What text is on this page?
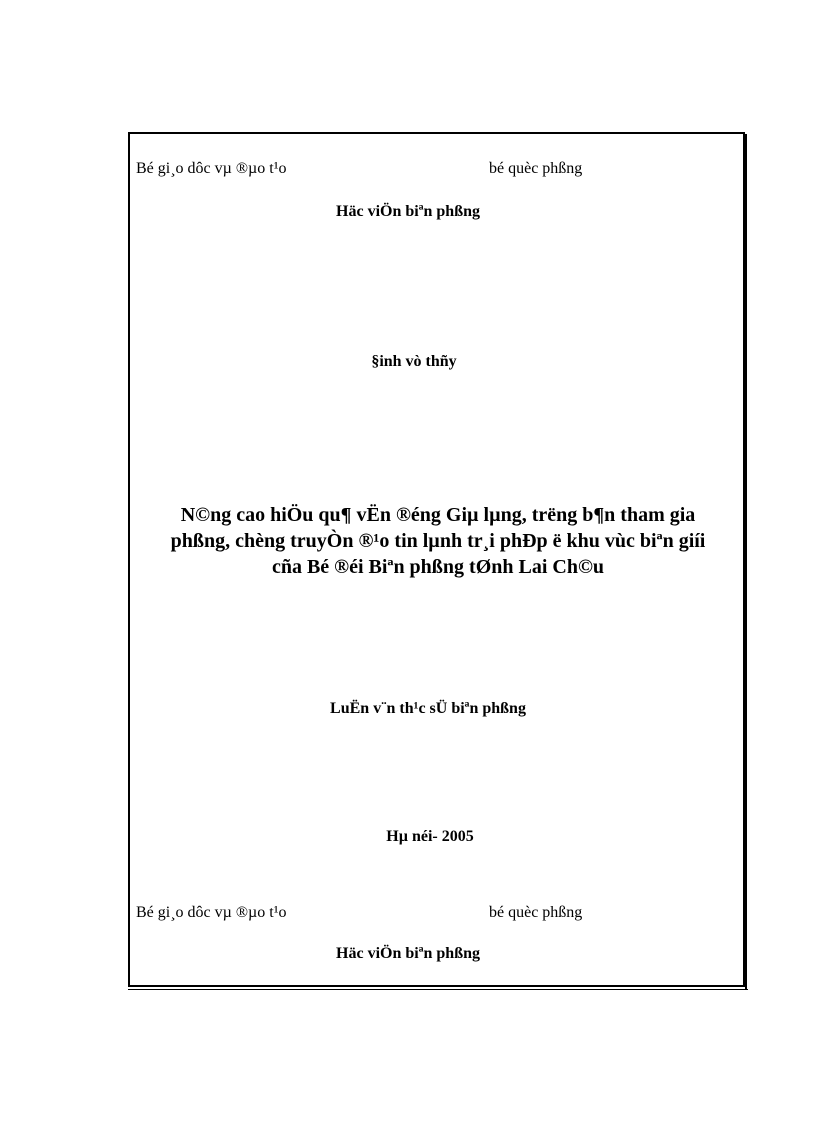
Bé gi¸o dôc vµ ®µo t¹o	bé quèc phßng
Häc viÖn biªn phßng
§inh vò thñy
N©ng cao hiÖu qu¶ vËn ®éng Giµ lµng, trëng b¶n tham gia
phßng, chèng truyÒn ®¹o tin lµnh tr¸i phÐp ë khu vùc biªn giíi
cña Bé ®éi Biªn phßng tØnh Lai Ch©u
LuËn v¨n th¹c sÜ biªn phßng
Hµ néi- 2005
Bé gi¸o dôc vµ ®µo t¹o	bé quèc phßng
Häc viÖn biªn phßng
